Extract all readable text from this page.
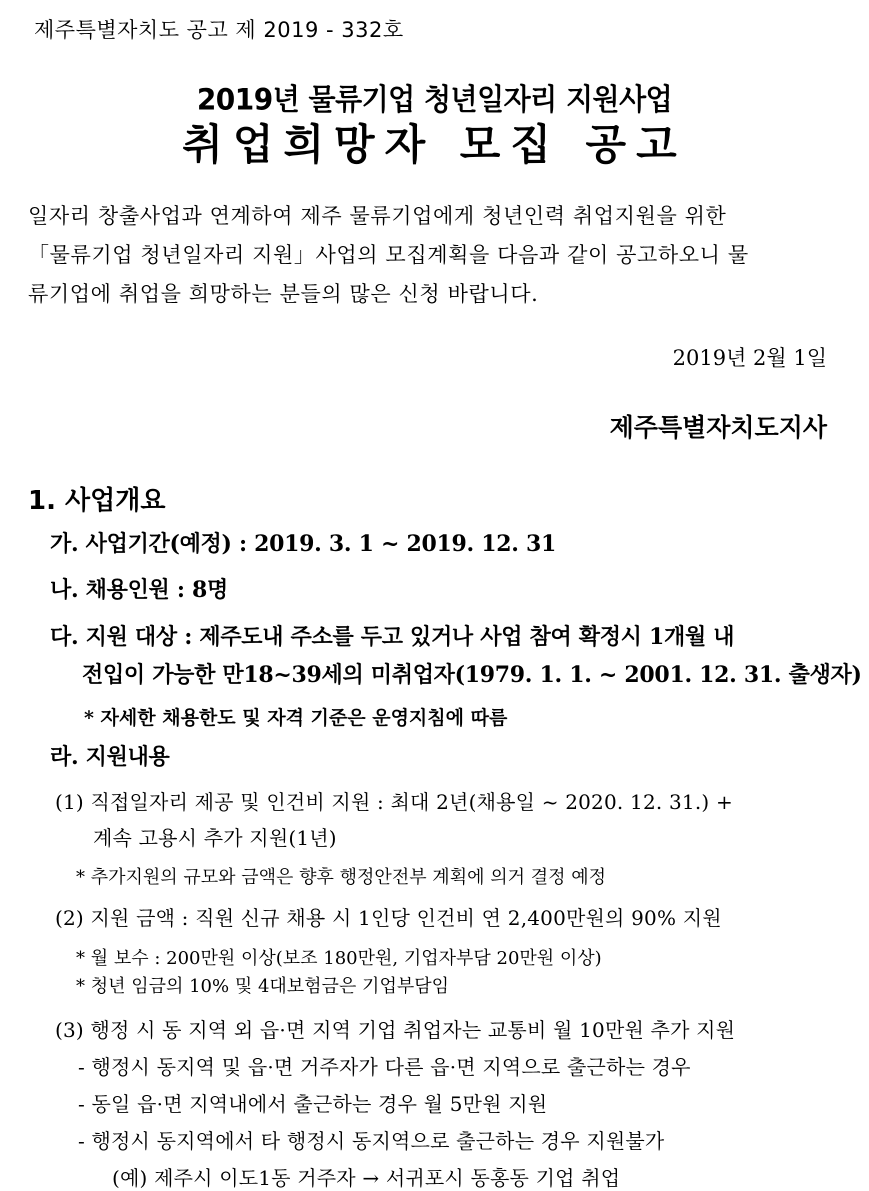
제주특별자치도 공고 제 2019 - 332호
2019년 물류기업 청년일자리 지원사업
취업희망자 모집 공고
일자리 창출사업과 연계하여 제주 물류기업에게 청년인력 취업지원을 위한
「물류기업 청년일자리 지원」사업의 모집계획을 다음과 같이 공고하오니 물
류기업에 취업을 희망하는 분들의 많은 신청 바랍니다.
2019년 2월 1일
제주특별자치도지사
1. 사업개요
가. 사업기간(예정) : 2019. 3. 1 ~ 2019. 12. 31
나. 채용인원 : 8명
다. 지원 대상 : 제주도내 주소를 두고 있거나 사업 참여 확정시 1개월 내
전입이 가능한 만18~39세의 미취업자(1979. 1. 1. ~ 2001. 12. 31. 출생자)
* 자세한 채용한도 및 자격 기준은 운영지침에 따름
라. 지원내용
(1) 직접일자리 제공 및 인건비 지원 : 최대 2년(채용일 ~ 2020. 12. 31.) +
계속 고용시 추가 지원(1년)
* 추가지원의 규모와 금액은 향후 행정안전부 계획에 의거 결정 예정
(2) 지원 금액 : 직원 신규 채용 시 1인당 인건비 연 2,400만원의 90% 지원
* 월 보수 : 200만원 이상(보조 180만원, 기업자부담 20만원 이상)
* 청년 임금의 10% 및 4대보험금은 기업부담임
(3) 행정 시 동 지역 외 읍·면 지역 기업 취업자는 교통비 월 10만원 추가 지원
- 행정시 동지역 및 읍·면 거주자가 다른 읍·면 지역으로 출근하는 경우
- 동일 읍·면 지역내에서 출근하는 경우 월 5만원 지원
- 행정시 동지역에서 타 행정시 동지역으로 출근하는 경우 지원불가
(예) 제주시 이도1동 거주자 → 서귀포시 동홍동 기업 취업
